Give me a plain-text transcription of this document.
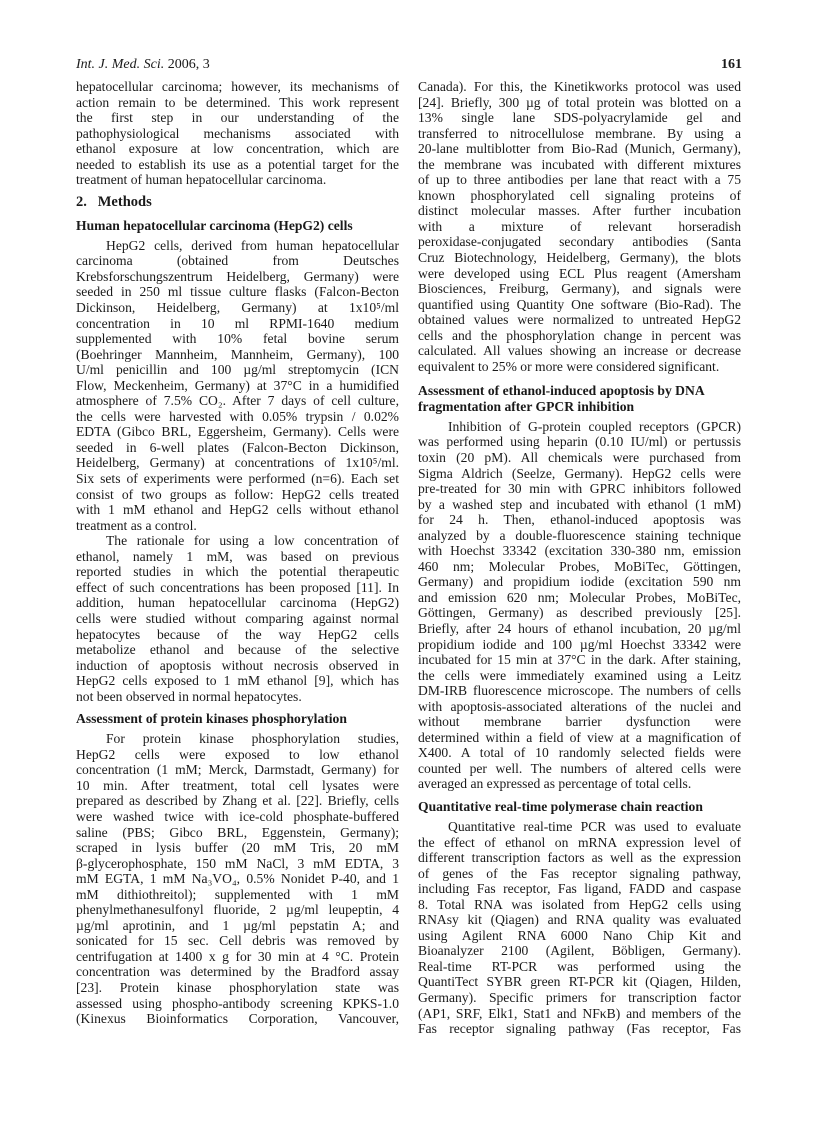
Int. J. Med. Sci. 2006, 3	161
hepatocellular carcinoma; however, its mechanisms of
action remain to be determined. This work represent
the first step in our understanding of the
pathophysiological mechanisms associated with
ethanol exposure at low concentration, which are
needed to establish its use as a potential target for the
treatment of human hepatocellular carcinoma.
2.   Methods
Human hepatocellular carcinoma (HepG2) cells
HepG2 cells, derived from human hepatocellular
carcinoma (obtained from Deutsches
Krebsforschungszentrum Heidelberg, Germany) were
seeded in 250 ml tissue culture flasks (Falcon-Becton
Dickinson, Heidelberg, Germany) at 1x10⁵/ml
concentration in 10 ml RPMI-1640 medium
supplemented with 10% fetal bovine serum
(Boehringer Mannheim, Mannheim, Germany), 100
U/ml penicillin and 100 µg/ml streptomycin (ICN
Flow, Meckenheim, Germany) at 37°C in a humidified
atmosphere of 7.5% CO₂. After 7 days of cell culture,
the cells were harvested with 0.05% trypsin / 0.02%
EDTA (Gibco BRL, Eggersheim, Germany). Cells were
seeded in 6-well plates (Falcon-Becton Dickinson,
Heidelberg, Germany) at concentrations of 1x10⁵/ml.
Six sets of experiments were performed (n=6). Each set
consist of two groups as follow: HepG2 cells treated
with 1 mM ethanol and HepG2 cells without ethanol
treatment as a control.
The rationale for using a low concentration of
ethanol, namely 1 mM, was based on previous
reported studies in which the potential therapeutic
effect of such concentrations has been proposed [11]. In
addition, human hepatocellular carcinoma (HepG2)
cells were studied without comparing against normal
hepatocytes because of the way HepG2 cells
metabolize ethanol and because of the selective
induction of apoptosis without necrosis observed in
HepG2 cells exposed to 1 mM ethanol [9], which has
not been observed in normal hepatocytes.
Assessment of protein kinases phosphorylation
For protein kinase phosphorylation studies,
HepG2 cells were exposed to low ethanol
concentration (1 mM; Merck, Darmstadt, Germany) for
10 min. After treatment, total cell lysates were
prepared as described by Zhang et al. [22]. Briefly, cells
were washed twice with ice-cold phosphate-buffered
saline (PBS; Gibco BRL, Eggenstein, Germany);
scraped in lysis buffer (20 mM Tris, 20 mM
β-glycerophosphate, 150 mM NaCl, 3 mM EDTA, 3
mM EGTA, 1 mM Na₃VO₄, 0.5% Nonidet P-40, and 1
mM dithiothreitol); supplemented with 1 mM
phenylmethanesulfonyl fluoride, 2 µg/ml leupeptin, 4
µg/ml aprotinin, and 1 µg/ml pepstatin A; and
sonicated for 15 sec. Cell debris was removed by
centrifugation at 1400 x g for 30 min at 4 °C. Protein
concentration was determined by the Bradford assay
[23]. Protein kinase phosphorylation state was
assessed using phospho-antibody screening KPKS-1.0
(Kinexus Bioinformatics Corporation, Vancouver,
Canada). For this, the Kinetikworks protocol was used
[24]. Briefly, 300 µg of total protein was blotted on a
13% single lane SDS-polyacrylamide gel and
transferred to nitrocellulose membrane. By using a
20-lane multiblotter from Bio-Rad (Munich, Germany),
the membrane was incubated with different mixtures
of up to three antibodies per lane that react with a 75
known phosphorylated cell signaling proteins of
distinct molecular masses. After further incubation
with a mixture of relevant horseradish
peroxidase-conjugated secondary antibodies (Santa
Cruz Biotechnology, Heidelberg, Germany), the blots
were developed using ECL Plus reagent (Amersham
Biosciences, Freiburg, Germany), and signals were
quantified using Quantity One software (Bio-Rad). The
obtained values were normalized to untreated HepG2
cells and the phosphorylation change in percent was
calculated. All values showing an increase or decrease
equivalent to 25% or more were considered significant.
Assessment of ethanol-induced apoptosis by DNA
fragmentation after GPCR inhibition
Inhibition of G-protein coupled receptors (GPCR)
was performed using heparin (0.10 IU/ml) or pertussis
toxin (20 pM). All chemicals were purchased from
Sigma Aldrich (Seelze, Germany). HepG2 cells were
pre-treated for 30 min with GPRC inhibitors followed
by a washed step and incubated with ethanol (1 mM)
for 24 h. Then, ethanol-induced apoptosis was
analyzed by a double-fluorescence staining technique
with Hoechst 33342 (excitation 330-380 nm, emission
460 nm; Molecular Probes, MoBiTec, Göttingen,
Germany) and propidium iodide (excitation 590 nm
and emission 620 nm; Molecular Probes, MoBiTec,
Göttingen, Germany) as described previously [25].
Briefly, after 24 hours of ethanol incubation, 20 µg/ml
propidium iodide and 100 µg/ml Hoechst 33342 were
incubated for 15 min at 37°C in the dark. After staining,
the cells were immediately examined using a Leitz
DM-IRB fluorescence microscope. The numbers of cells
with apoptosis-associated alterations of the nuclei and
without membrane barrier dysfunction were
determined within a field of view at a magnification of
X400. A total of 10 randomly selected fields were
counted per well. The numbers of altered cells were
averaged an expressed as percentage of total cells.
Quantitative real-time polymerase chain reaction
Quantitative real-time PCR was used to evaluate
the effect of ethanol on mRNA expression level of
different transcription factors as well as the expression
of genes of the Fas receptor signaling pathway,
including Fas receptor, Fas ligand, FADD and caspase
8. Total RNA was isolated from HepG2 cells using
RNAsy kit (Qiagen) and RNA quality was evaluated
using Agilent RNA 6000 Nano Chip Kit and
Bioanalyzer 2100 (Agilent, Böbligen, Germany).
Real-time RT-PCR was performed using the
QuantiTect SYBR green RT-PCR kit (Qiagen, Hilden,
Germany). Specific primers for transcription factor
(AP1, SRF, Elk1, Stat1 and NFκB) and members of the
Fas receptor signaling pathway (Fas receptor, Fas
